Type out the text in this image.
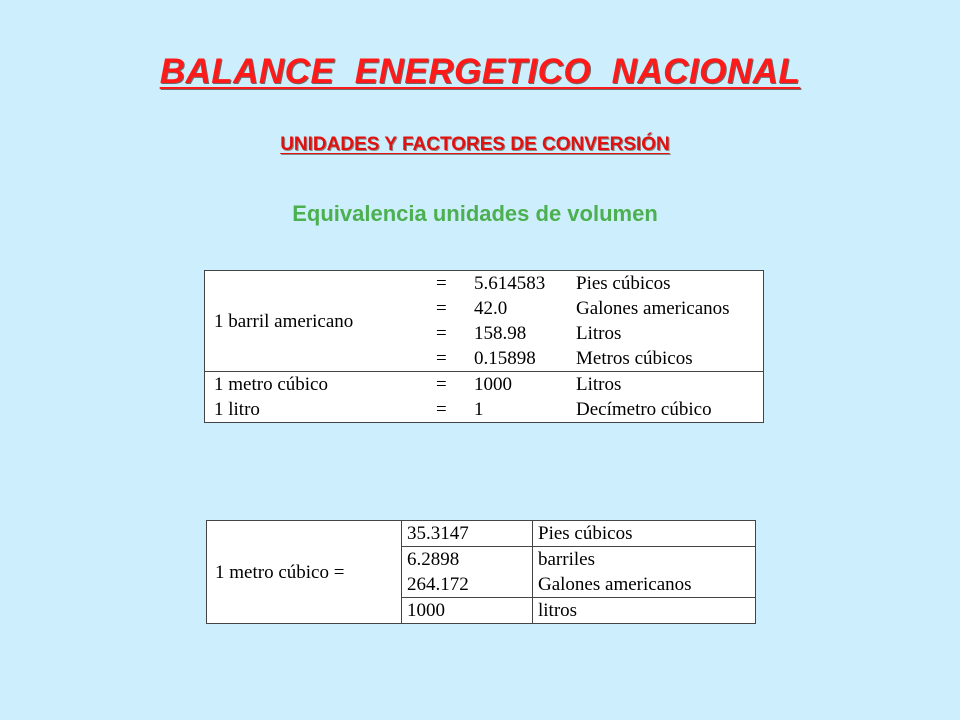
BALANCE  ENERGETICO  NACIONAL
UNIDADES Y FACTORES DE CONVERSIÓN
Equivalencia unidades de volumen
1 barril americano	=	5.614583	Pies cúbicos
	=	42.0	Galones americanos
	=	158.98	Litros
	=	0.15898	Metros cúbicos
1 metro cúbico	=	1000	Litros
1 litro	=	1	Decímetro cúbico
1 metro cúbico =	35.3147	Pies cúbicos
	6.2898	barriles
	264.172	Galones americanos
	1000	litros
